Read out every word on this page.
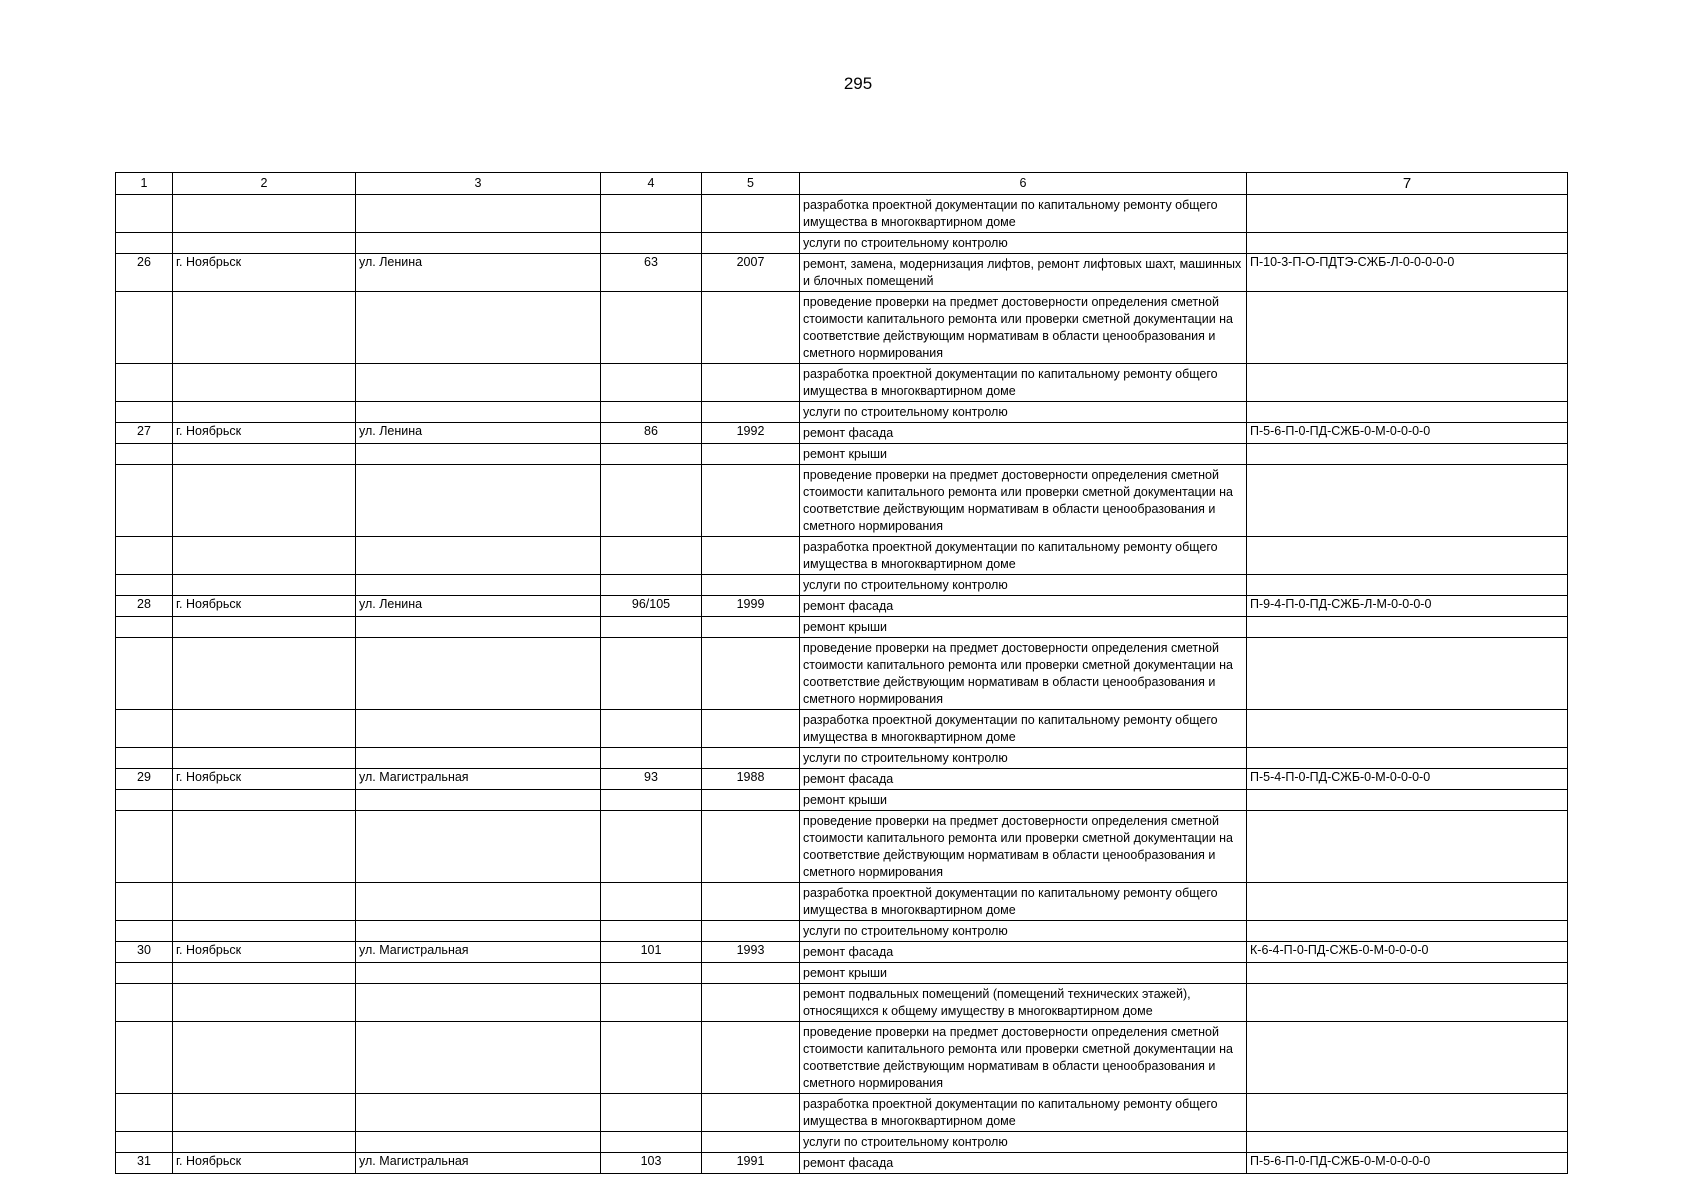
295
1	2	3	4	5	6	7
					разработка проектной документации по капитальному ремонту общего имущества в многоквартирном доме	
					услуги по строительному контролю	
26	г. Ноябрьск	ул. Ленина	63	2007	ремонт, замена, модернизация лифтов, ремонт лифтовых шахт, машинных и блочных помещений	П-10-3-П-О-ПДТЭ-СЖБ-Л-0-0-0-0-0
					проведение проверки на предмет достоверности определения сметной стоимости капитального ремонта или проверки сметной документации на соответствие действующим нормативам в области ценообразования и сметного нормирования	
					разработка проектной документации по капитальному ремонту общего имущества в многоквартирном доме	
					услуги по строительному контролю	
27	г. Ноябрьск	ул. Ленина	86	1992	ремонт фасада	П-5-6-П-0-ПД-СЖБ-0-М-0-0-0-0
					ремонт крыши	
					проведение проверки на предмет достоверности определения сметной стоимости капитального ремонта или проверки сметной документации на соответствие действующим нормативам в области ценообразования и сметного нормирования	
					разработка проектной документации по капитальному ремонту общего имущества в многоквартирном доме	
					услуги по строительному контролю	
28	г. Ноябрьск	ул. Ленина	96/105	1999	ремонт фасада	П-9-4-П-0-ПД-СЖБ-Л-М-0-0-0-0
					ремонт крыши	
					проведение проверки на предмет достоверности определения сметной стоимости капитального ремонта или проверки сметной документации на соответствие действующим нормативам в области ценообразования и сметного нормирования	
					разработка проектной документации по капитальному ремонту общего имущества в многоквартирном доме	
					услуги по строительному контролю	
29	г. Ноябрьск	ул. Магистральная	93	1988	ремонт фасада	П-5-4-П-0-ПД-СЖБ-0-М-0-0-0-0
					ремонт крыши	
					проведение проверки на предмет достоверности определения сметной стоимости капитального ремонта или проверки сметной документации на соответствие действующим нормативам в области ценообразования и сметного нормирования	
					разработка проектной документации по капитальному ремонту общего имущества в многоквартирном доме	
					услуги по строительному контролю	
30	г. Ноябрьск	ул. Магистральная	101	1993	ремонт фасада	К-6-4-П-0-ПД-СЖБ-0-М-0-0-0-0
					ремонт крыши	
					ремонт подвальных помещений (помещений технических этажей), относящихся к общему имуществу в многоквартирном доме	
					проведение проверки на предмет достоверности определения сметной стоимости капитального ремонта или проверки сметной документации на соответствие действующим нормативам в области ценообразования и сметного нормирования	
					разработка проектной документации по капитальному ремонту общего имущества в многоквартирном доме	
					услуги по строительному контролю	
31	г. Ноябрьск	ул. Магистральная	103	1991	ремонт фасада	П-5-6-П-0-ПД-СЖБ-0-М-0-0-0-0
